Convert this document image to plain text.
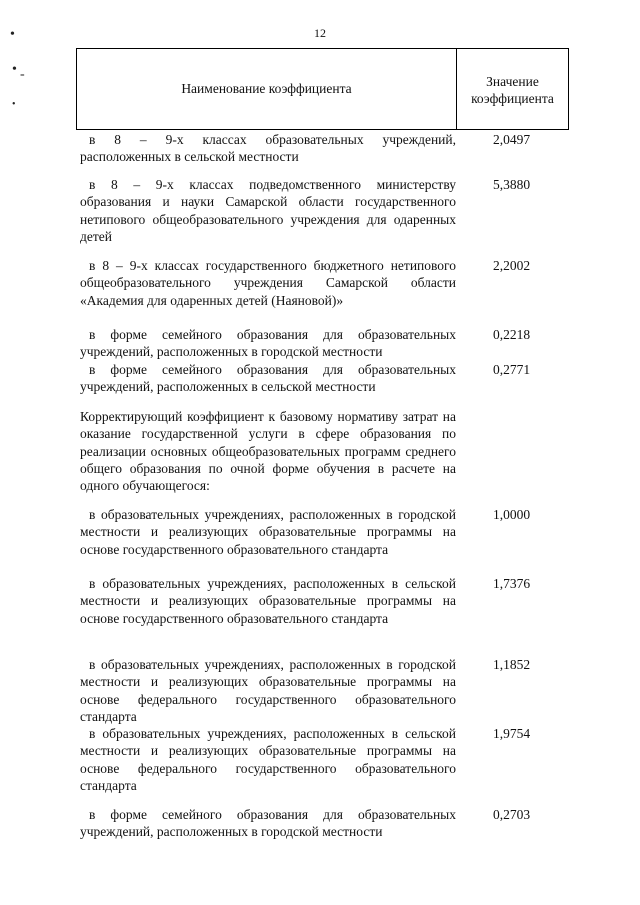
12
•
• -
•
Наименование коэффициента	Значение
коэффициента
в 8 – 9-х классах образовательных учреждений, расположенных в сельской местности
2,0497
в 8 – 9-х классах подведомственного министерству образования и науки Самарской области государственного нетипового общеобразовательного учреждения для одаренных детей
5,3880
в 8 – 9-х классах государственного бюджетного нетипового общеобразовательного учреждения Самарской области «Академия для одаренных детей (Наяновой)»
2,2002
в форме семейного образования для образовательных учреждений, расположенных в городской местности
0,2218
в форме семейного образования для образовательных учреждений, расположенных в сельской местности
0,2771
Корректирующий коэффициент к базовому нормативу затрат на оказание государственной услуги в сфере образования по реализации основных общеобразовательных программ среднего общего образования по очной форме обучения в расчете на одного обучающегося:
в образовательных учреждениях, расположенных в городской местности и реализующих образовательные программы на основе государственного образовательного стандарта
1,0000
в образовательных учреждениях, расположенных в сельской местности и реализующих образовательные программы на основе государственного образовательного стандарта
1,7376
в образовательных учреждениях, расположенных в городской местности и реализующих образовательные программы на основе федерального государственного образовательного стандарта
1,1852
в образовательных учреждениях, расположенных в сельской местности и реализующих образовательные программы на основе федерального государственного образовательного стандарта
1,9754
в форме семейного образования для образовательных учреждений, расположенных в городской местности
0,2703
